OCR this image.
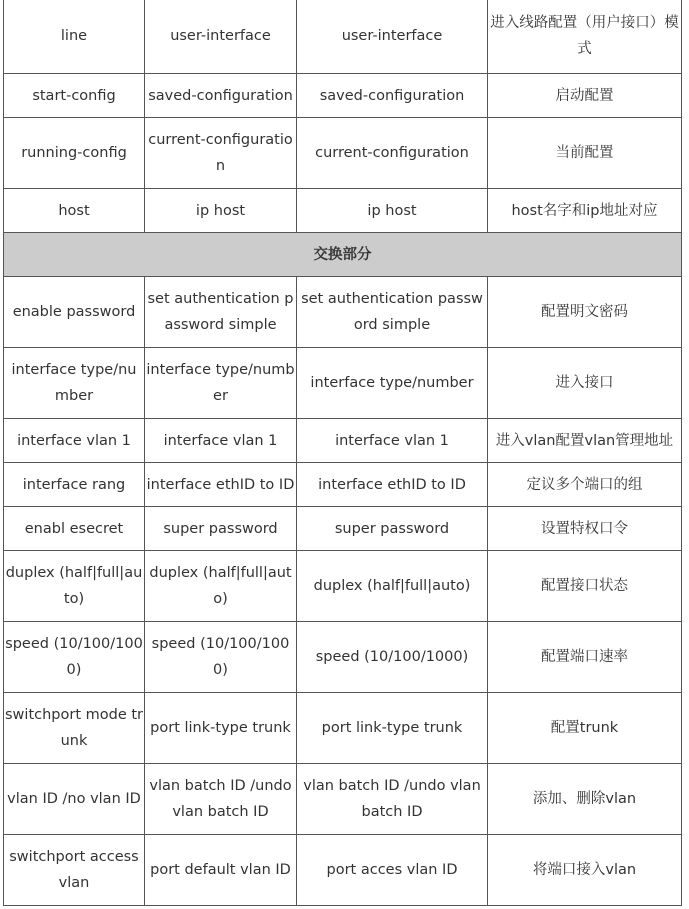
line	user-interface	user-interface	进入线路配置（用户接口）模式
start-config	saved-configuration	saved-configuration	启动配置
running-config	current-configuration	current-configuration	当前配置
host	ip host	ip host	host名字和ip地址对应
交换部分			
enable password	set authentication password simple	set authentication password simple	配置明文密码
interface type/number	interface type/number	interface type/number	进入接口
interface vlan 1	interface vlan 1	interface vlan 1	进入vlan配置vlan管理地址
interface rang	interface ethID to ID	interface ethID to ID	定议多个端口的组
enabl esecret	super password	super password	设置特权口令
duplex (half|full|auto)	duplex (half|full|auto)	duplex (half|full|auto)	配置接口状态
speed (10/100/1000)	speed (10/100/1000)	speed (10/100/1000)	配置端口速率
switchport mode trunk	port link-type trunk	port link-type trunk	配置trunk
vlan ID /no vlan ID	vlan batch ID /undo vlan batch ID	vlan batch ID /undo vlan batch ID	添加、删除vlan
switchport access vlan	port default vlan ID	port acces vlan ID	将端口接入vlan
